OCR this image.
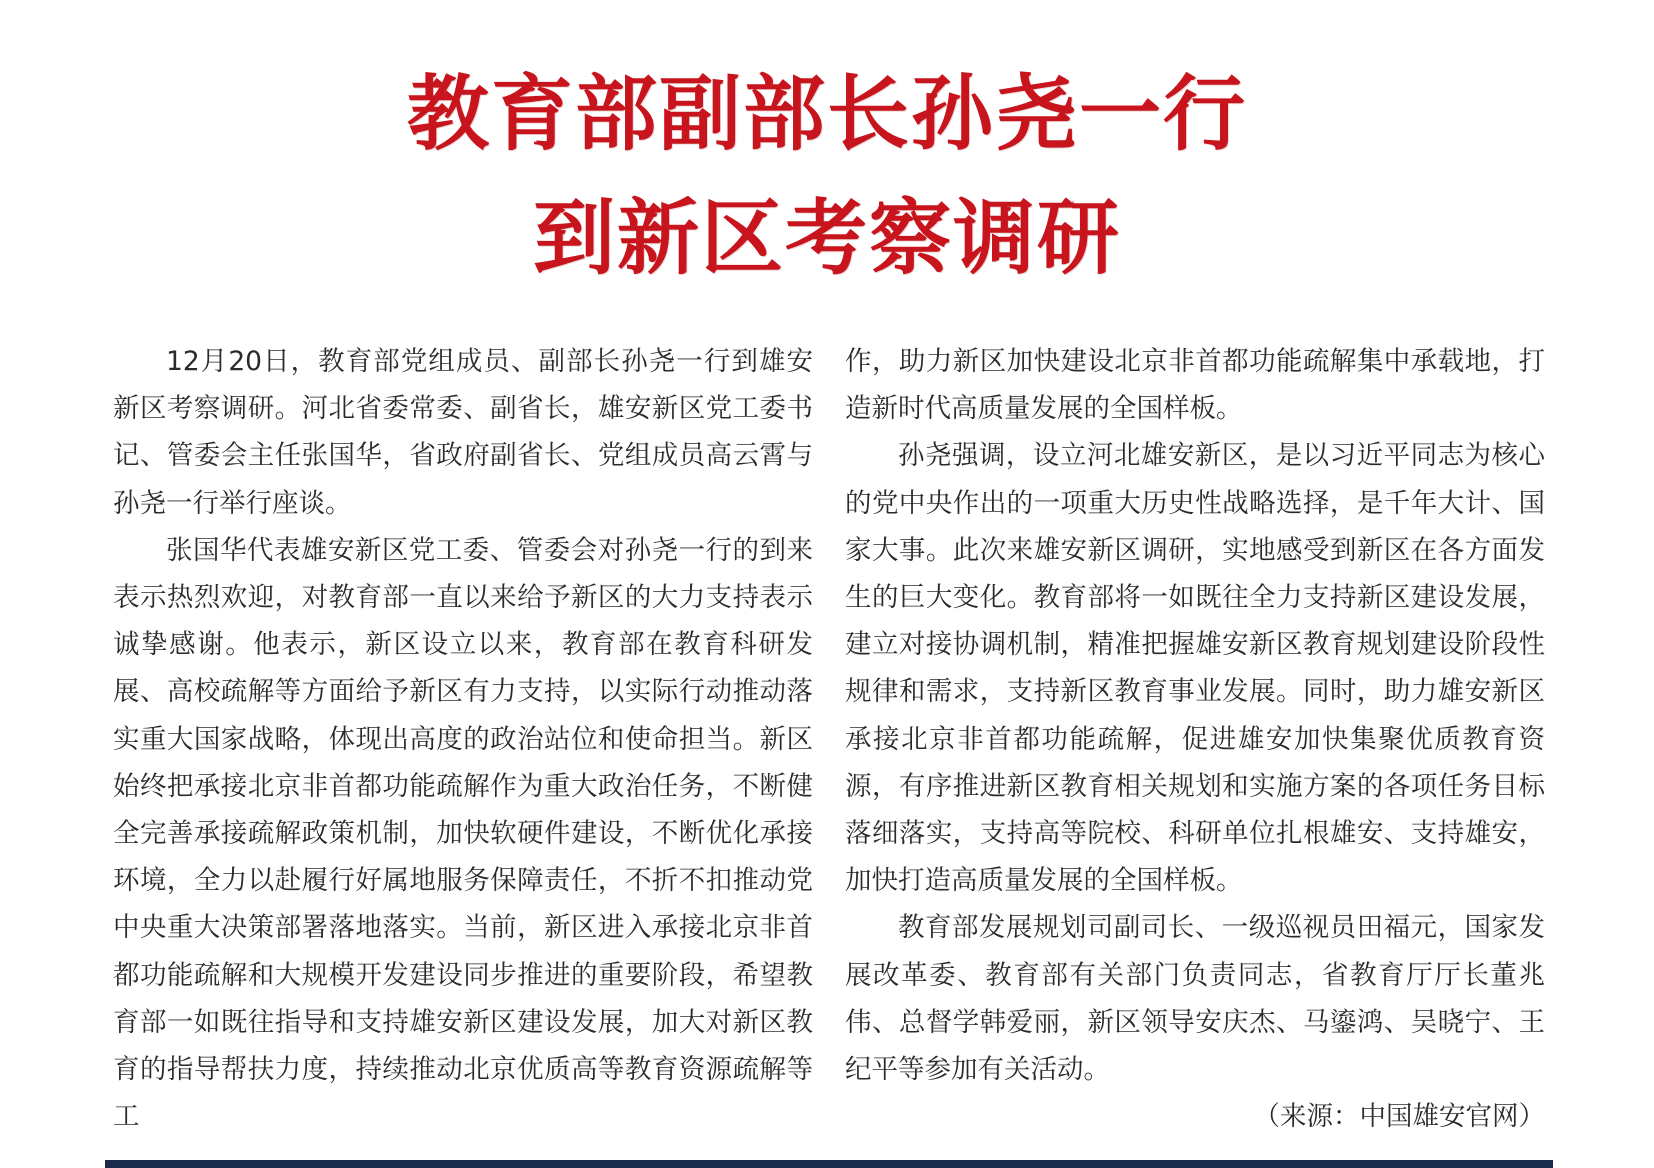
教育部副部长孙尧一行
到新区考察调研

12月20日，教育部党组成员、副部长孙尧一行到雄安新区考察调研。河北省委常委、副省长，雄安新区党工委书记、管委会主任张国华，省政府副省长、党组成员高云霄与孙尧一行举行座谈。

张国华代表雄安新区党工委、管委会对孙尧一行的到来表示热烈欢迎，对教育部一直以来给予新区的大力支持表示诚挚感谢。他表示，新区设立以来，教育部在教育科研发展、高校疏解等方面给予新区有力支持，以实际行动推动落实重大国家战略，体现出高度的政治站位和使命担当。新区始终把承接北京非首都功能疏解作为重大政治任务，不断健全完善承接疏解政策机制，加快软硬件建设，不断优化承接环境，全力以赴履行好属地服务保障责任，不折不扣推动党中央重大决策部署落地落实。当前，新区进入承接北京非首都功能疏解和大规模开发建设同步推进的重要阶段，希望教育部一如既往指导和支持雄安新区建设发展，加大对新区教育的指导帮扶力度，持续推动北京优质高等教育资源疏解等工

作，助力新区加快建设北京非首都功能疏解集中承载地，打造新时代高质量发展的全国样板。

孙尧强调，设立河北雄安新区，是以习近平同志为核心的党中央作出的一项重大历史性战略选择，是千年大计、国家大事。此次来雄安新区调研，实地感受到新区在各方面发生的巨大变化。教育部将一如既往全力支持新区建设发展，建立对接协调机制，精准把握雄安新区教育规划建设阶段性规律和需求，支持新区教育事业发展。同时，助力雄安新区承接北京非首都功能疏解，促进雄安加快集聚优质教育资源，有序推进新区教育相关规划和实施方案的各项任务目标落细落实，支持高等院校、科研单位扎根雄安、支持雄安，加快打造高质量发展的全国样板。

教育部发展规划司副司长、一级巡视员田福元，国家发展改革委、教育部有关部门负责同志，省教育厅厅长董兆伟、总督学韩爱丽，新区领导安庆杰、马鎏鸿、吴晓宁、王纪平等参加有关活动。

（来源：中国雄安官网）
